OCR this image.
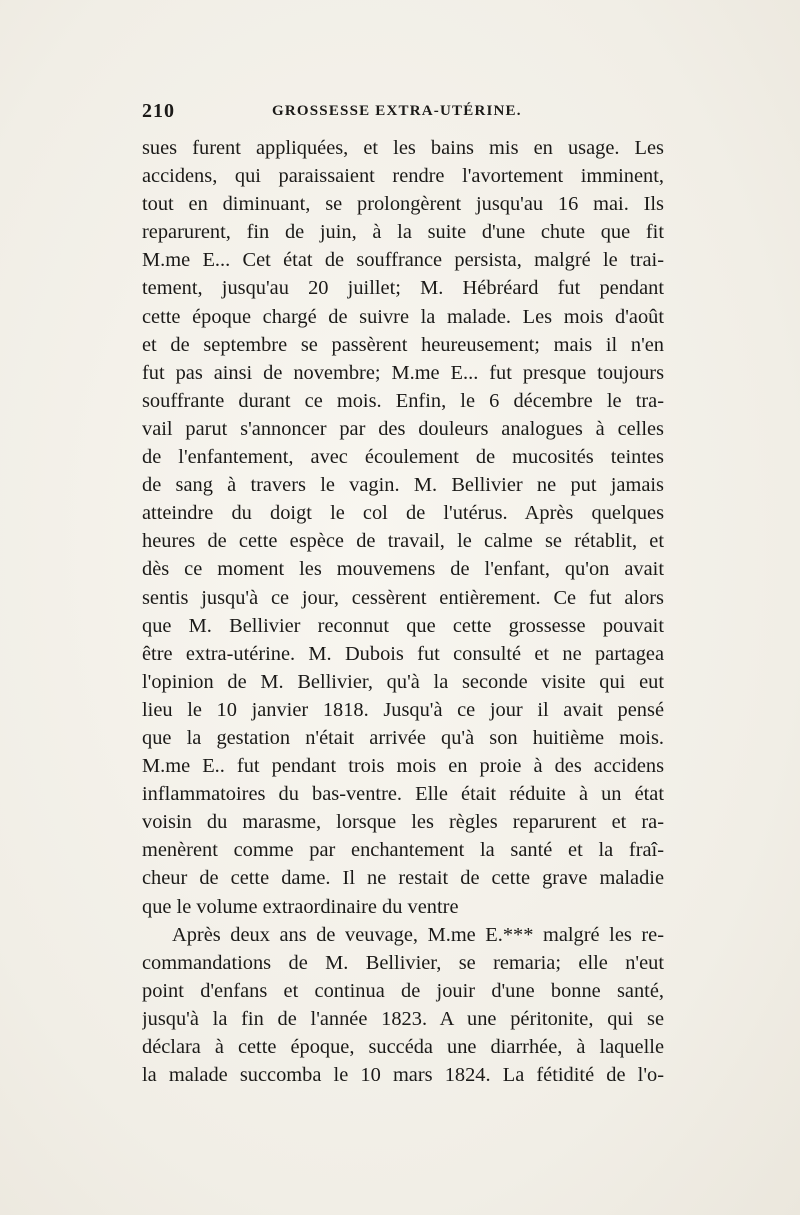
210	GROSSESSE EXTRA-UTÉRINE.
sues furent appliquées, et les bains mis en usage. Les
accidens, qui paraissaient rendre l'avortement imminent,
tout en diminuant, se prolongèrent jusqu'au 16 mai. Ils
reparurent, fin de juin, à la suite d'une chute que fit
M.me E... Cet état de souffrance persista, malgré le trai-
tement, jusqu'au 20 juillet; M. Hébréard fut pendant
cette époque chargé de suivre la malade. Les mois d'août
et de septembre se passèrent heureusement; mais il n'en
fut pas ainsi de novembre; M.me E... fut presque toujours
souffrante durant ce mois. Enfin, le 6 décembre le tra-
vail parut s'annoncer par des douleurs analogues à celles
de l'enfantement, avec écoulement de mucosités teintes
de sang à travers le vagin. M. Bellivier ne put jamais
atteindre du doigt le col de l'utérus. Après quelques
heures de cette espèce de travail, le calme se rétablit, et
dès ce moment les mouvemens de l'enfant, qu'on avait
sentis jusqu'à ce jour, cessèrent entièrement. Ce fut alors
que M. Bellivier reconnut que cette grossesse pouvait
être extra-utérine. M. Dubois fut consulté et ne partagea
l'opinion de M. Bellivier, qu'à la seconde visite qui eut
lieu le 10 janvier 1818. Jusqu'à ce jour il avait pensé
que la gestation n'était arrivée qu'à son huitième mois.
M.me E.. fut pendant trois mois en proie à des accidens
inflammatoires du bas-ventre. Elle était réduite à un état
voisin du marasme, lorsque les règles reparurent et ra-
menèrent comme par enchantement la santé et la fraî-
cheur de cette dame. Il ne restait de cette grave maladie
que le volume extraordinaire du ventre
Après deux ans de veuvage, M.me E.*** malgré les re-
commandations de M. Bellivier, se remaria; elle n'eut
point d'enfans et continua de jouir d'une bonne santé,
jusqu'à la fin de l'année 1823. A une péritonite, qui se
déclara à cette époque, succéda une diarrhée, à laquelle
la malade succomba le 10 mars 1824. La fétidité de l'o-
